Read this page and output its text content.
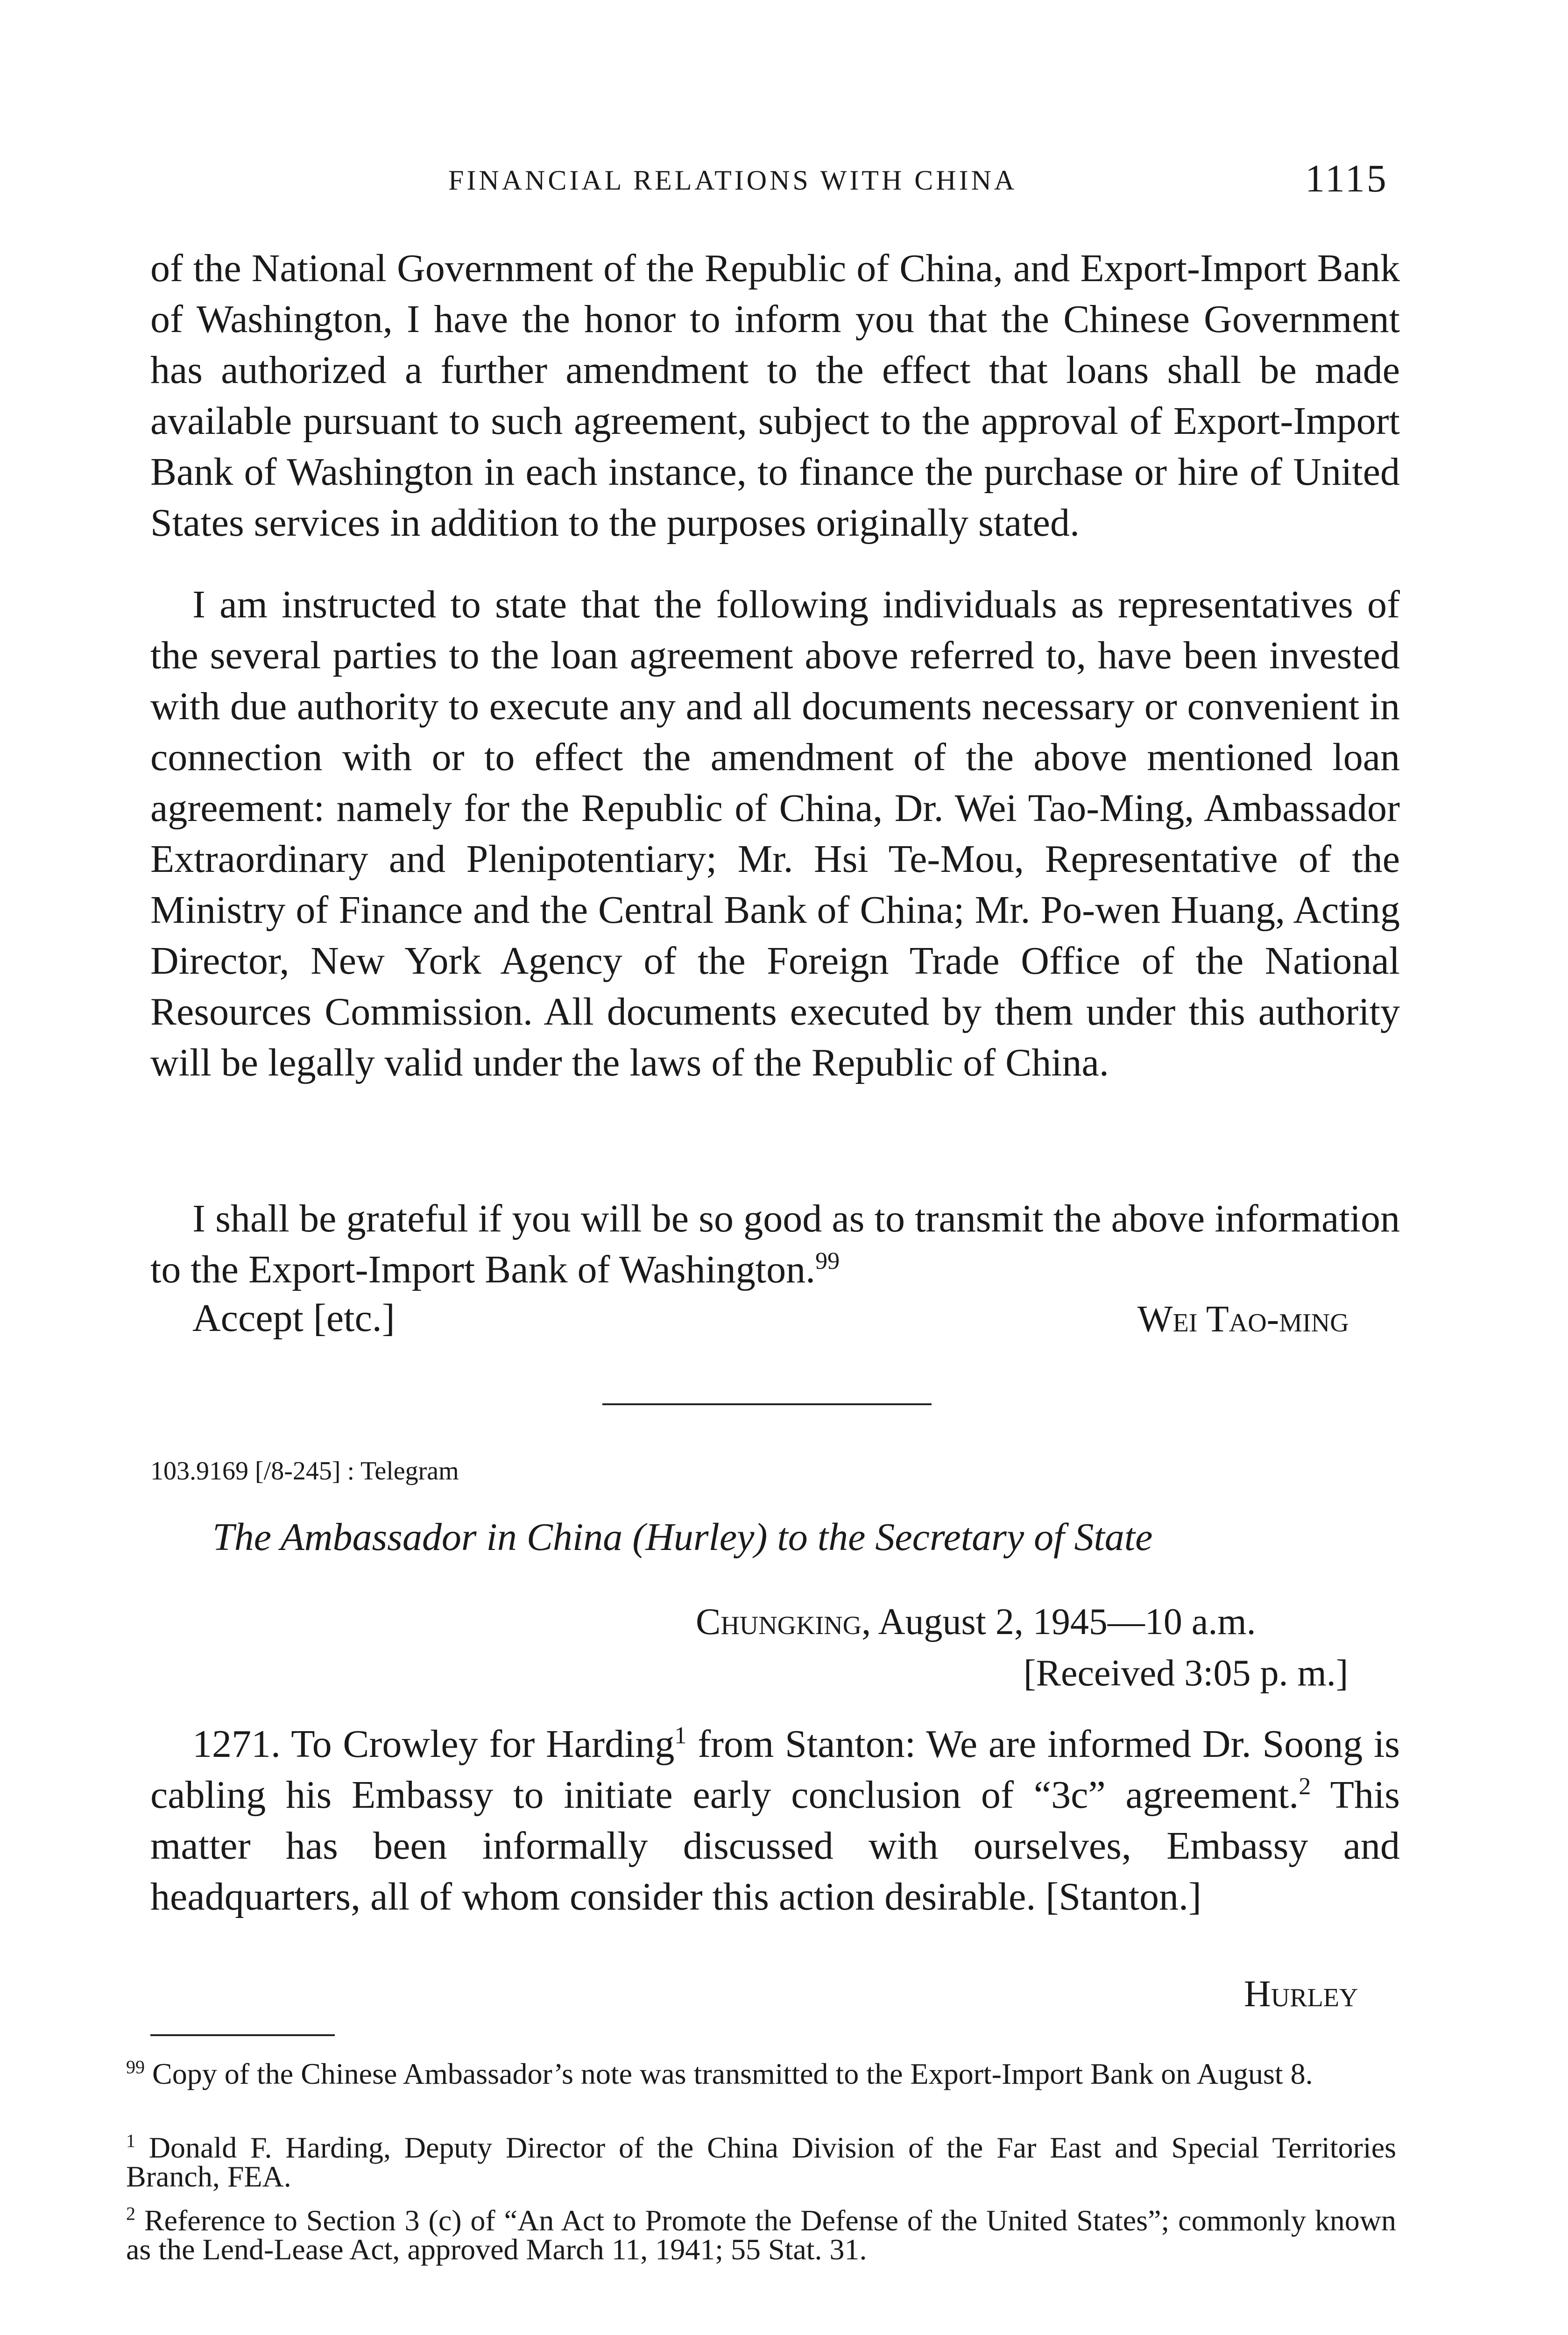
FINANCIAL RELATIONS WITH CHINA	1115

of the National Government of the Republic of China, and Export-Import Bank of Washington, I have the honor to inform you that the Chinese Government has authorized a further amendment to the effect that loans shall be made available pursuant to such agreement, subject to the approval of Export-Import Bank of Washington in each instance, to finance the purchase or hire of United States services in addition to the purposes originally stated.

I am instructed to state that the following individuals as representatives of the several parties to the loan agreement above referred to, have been invested with due authority to execute any and all documents necessary or convenient in connection with or to effect the amendment of the above mentioned loan agreement: namely for the Republic of China, Dr. Wei Tao-Ming, Ambassador Extraordinary and Plenipotentiary; Mr. Hsi Te-Mou, Representative of the Ministry of Finance and the Central Bank of China; Mr. Po-wen Huang, Acting Director, New York Agency of the Foreign Trade Office of the National Resources Commission. All documents executed by them under this authority will be legally valid under the laws of the Republic of China.

I shall be grateful if you will be so good as to transmit the above information to the Export-Import Bank of Washington.$^{99}$

Accept [etc.]	Wei Tao-ming
103.9169 [/8-245] : Telegram
The Ambassador in China (Hurley) to the Secretary of State
Chungking, August 2, 1945—10 a.m.
[Received 3:05 p. m.]

1271. To Crowley for Harding$^1$ from Stanton: We are informed Dr. Soong is cabling his Embassy to initiate early conclusion of “3c” agreement.$^2$ This matter has been informally discussed with ourselves, Embassy and headquarters, all of whom consider this action desirable. [Stanton.]

Hurley

$^{99}$ Copy of the Chinese Ambassador’s note was transmitted to the Export-Import Bank on August 8.

$^1$ Donald F. Harding, Deputy Director of the China Division of the Far East and Special Territories Branch, FEA.

$^2$ Reference to Section 3 (c) of “An Act to Promote the Defense of the United States”; commonly known as the Lend-Lease Act, approved March 11, 1941; 55 Stat. 31.
